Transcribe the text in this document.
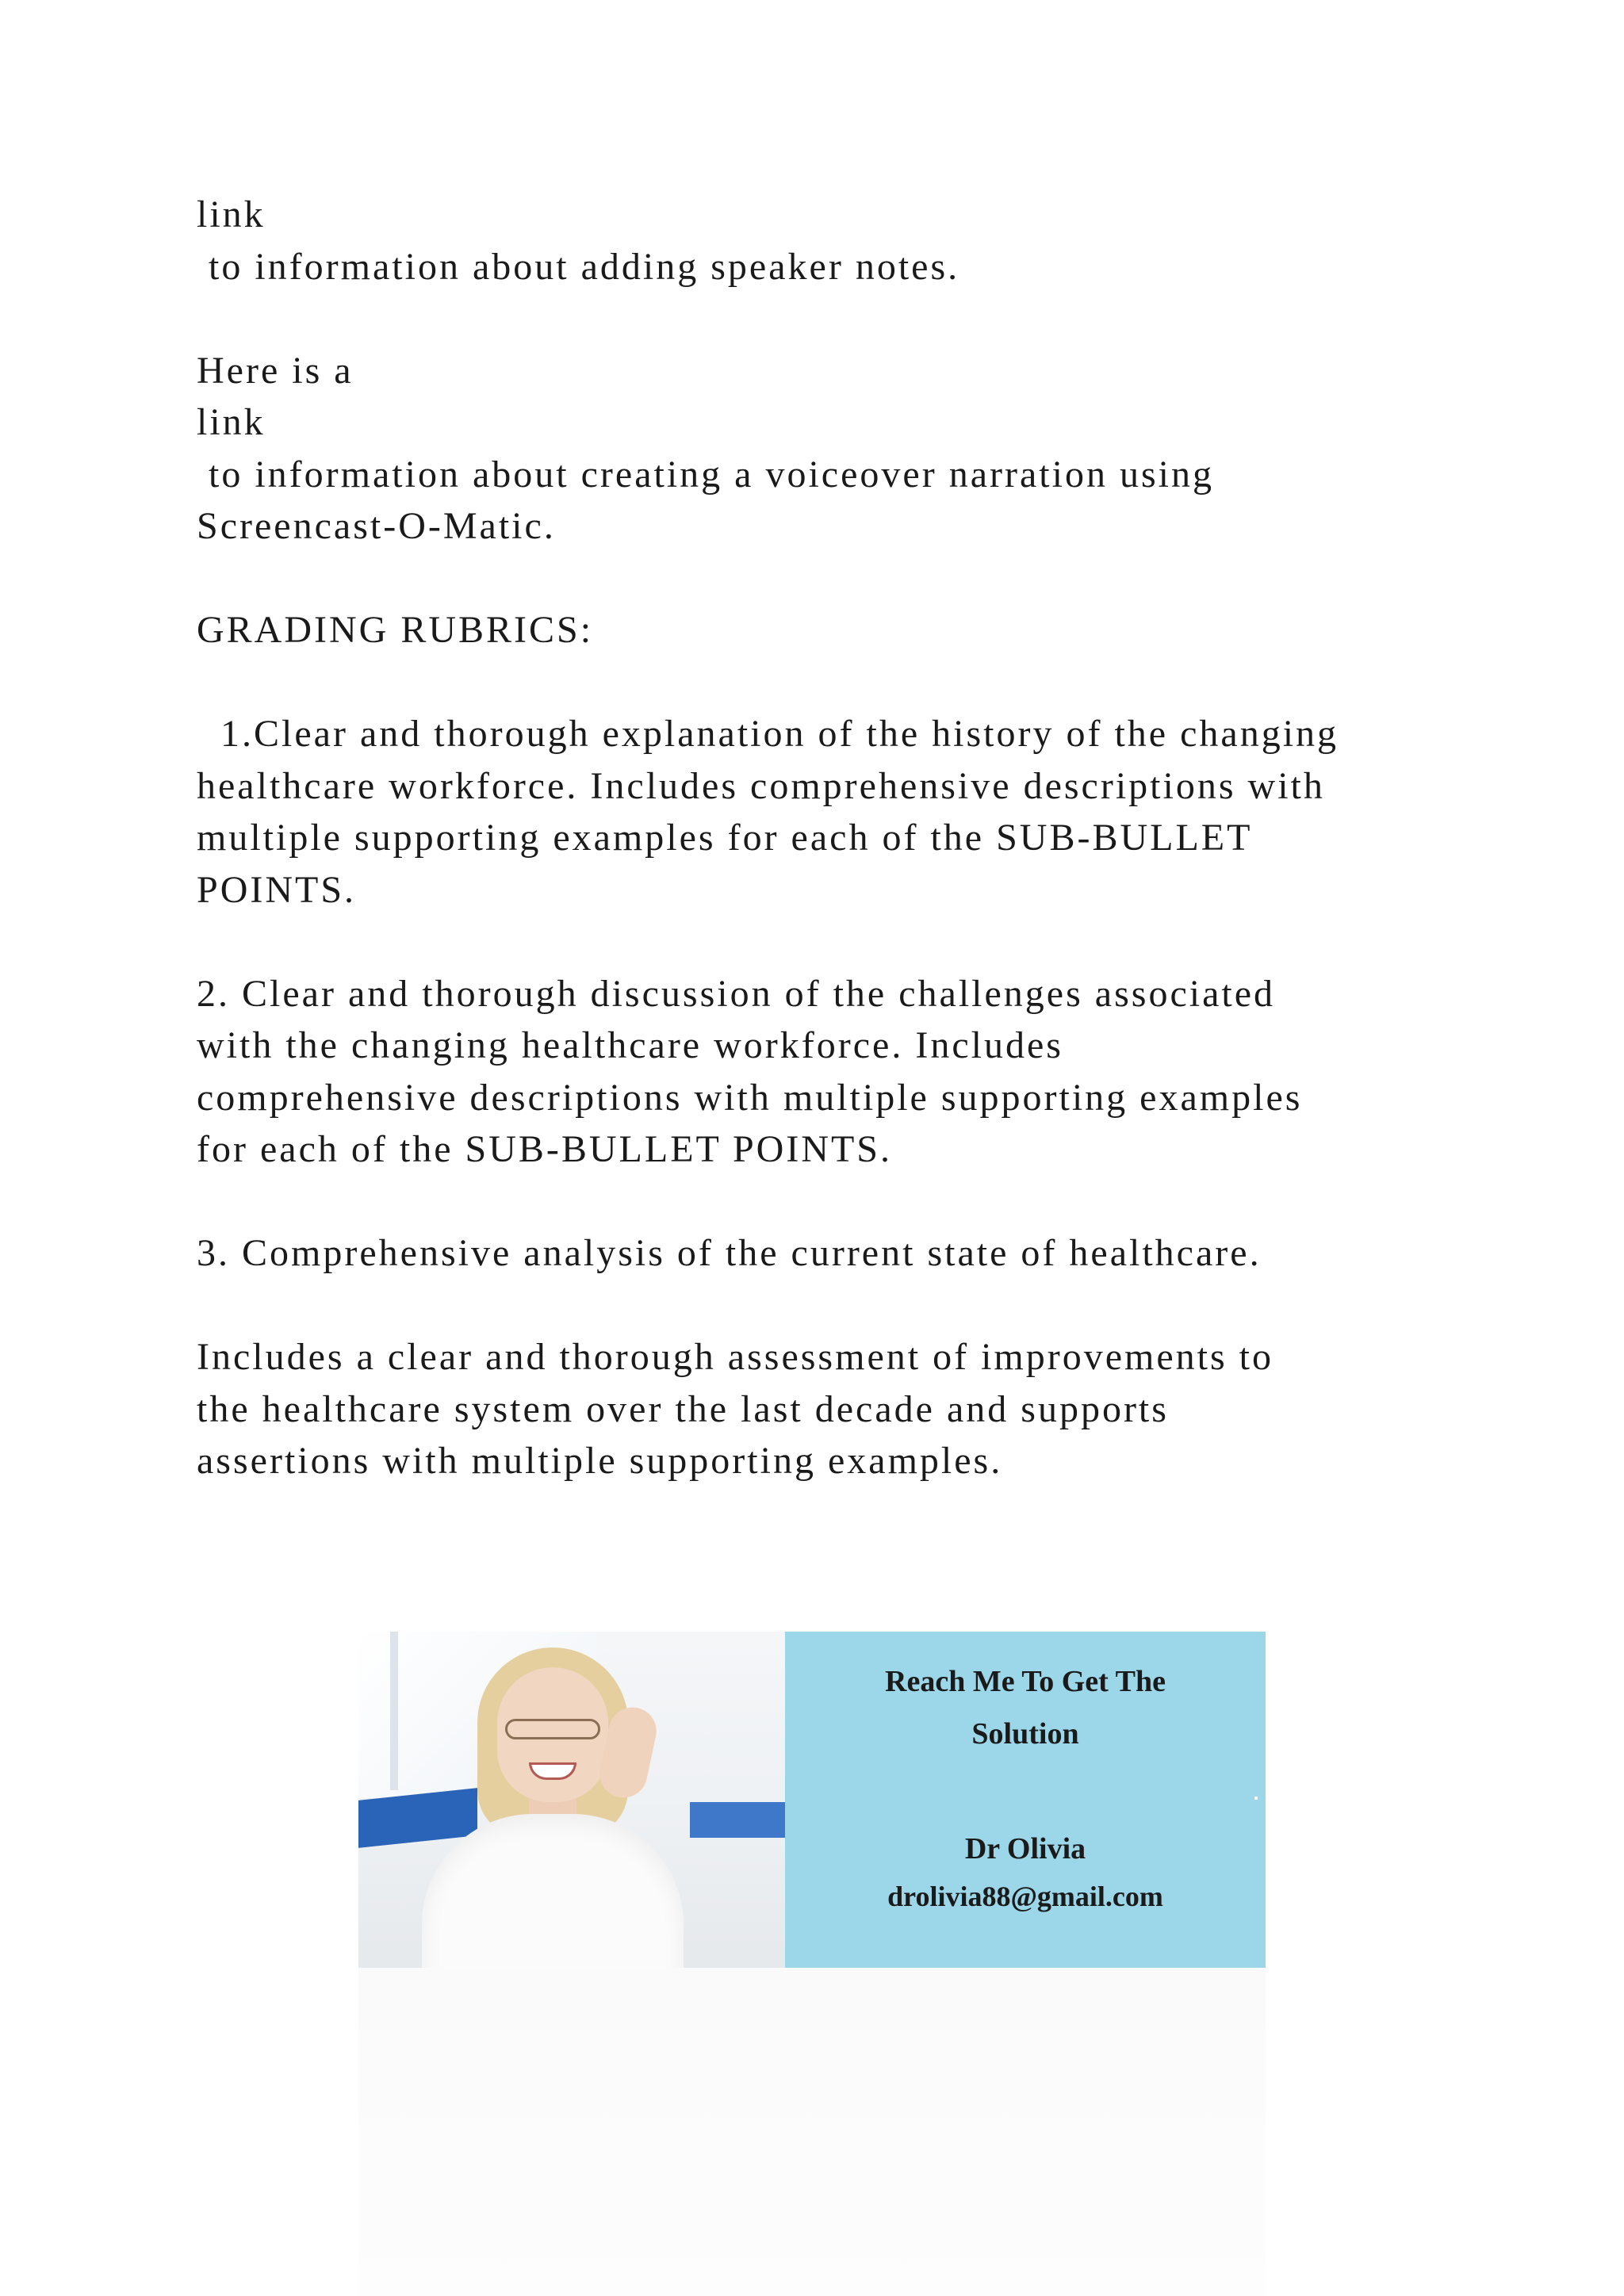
link
to information about adding speaker notes.
Here is a
link
to information about creating a voiceover narration using
Screencast-O-Matic.
GRADING RUBRICS:
1.Clear and thorough explanation of the history of the changing
healthcare workforce. Includes comprehensive descriptions with
multiple supporting examples for each of the SUB-BULLET
POINTS.
2. Clear and thorough discussion of the challenges associated
with the changing healthcare workforce. Includes
comprehensive descriptions with multiple supporting examples
for each of the SUB-BULLET POINTS.
3. Comprehensive analysis of the current state of healthcare.
Includes a clear and thorough assessment of improvements to
the healthcare system over the last decade and supports
assertions with multiple supporting examples.
Reach Me To Get The
Solution
Dr Olivia
drolivia88@gmail.com
